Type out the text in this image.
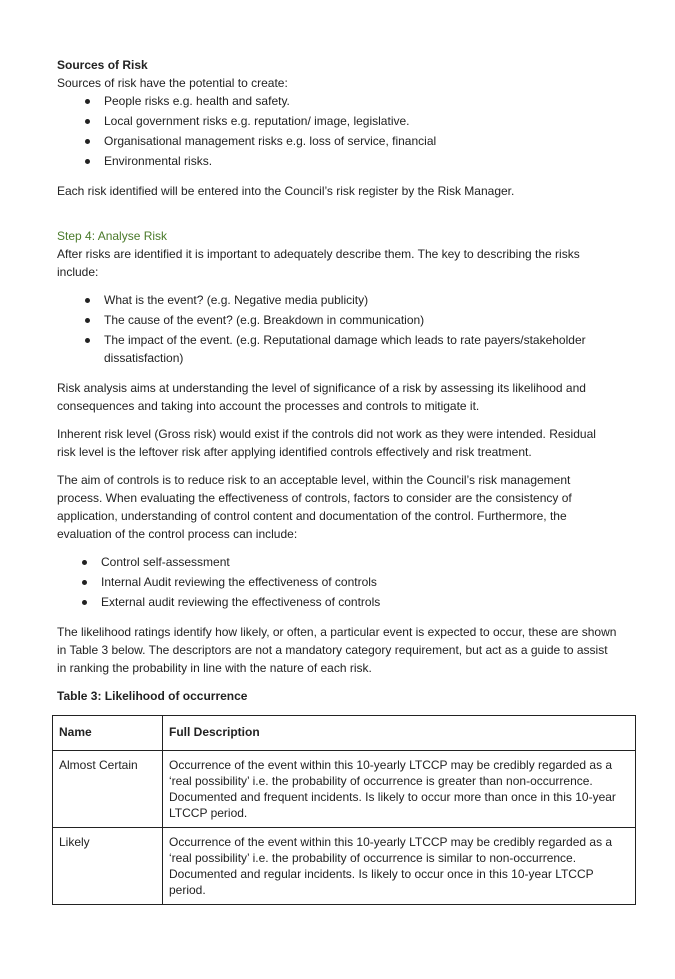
Sources of Risk

Sources of risk have the potential to create:

People risks e.g. health and safety.
Local government risks e.g. reputation/ image, legislative.
Organisational management risks e.g. loss of service, financial
Environmental risks.

Each risk identified will be entered into the Council’s risk register by the Risk Manager.

Step 4: Analyse Risk

After risks are identified it is important to adequately describe them. The key to describing the risks include:

What is the event? (e.g. Negative media publicity)
The cause of the event? (e.g. Breakdown in communication)
The impact of the event. (e.g. Reputational damage which leads to rate payers/stakeholder dissatisfaction)

Risk analysis aims at understanding the level of significance of a risk by assessing its likelihood and consequences and taking into account the processes and controls to mitigate it.

Inherent risk level (Gross risk) would exist if the controls did not work as they were intended. Residual risk level is the leftover risk after applying identified controls effectively and risk treatment.

The aim of controls is to reduce risk to an acceptable level, within the Council’s risk management process. When evaluating the effectiveness of controls, factors to consider are the consistency of application, understanding of control content and documentation of the control. Furthermore, the evaluation of the control process can include:

Control self-assessment
Internal Audit reviewing the effectiveness of controls
External audit reviewing the effectiveness of controls

The likelihood ratings identify how likely, or often, a particular event is expected to occur, these are shown in Table 3 below. The descriptors are not a mandatory category requirement, but act as a guide to assist in ranking the probability in line with the nature of each risk.

Table 3: Likelihood of occurrence

Name	Full Description
Almost Certain	Occurrence of the event within this 10-yearly LTCCP may be credibly regarded as a ‘real possibility’ i.e. the probability of occurrence is greater than non-occurrence. Documented and frequent incidents. Is likely to occur more than once in this 10-year LTCCP period.
Likely	Occurrence of the event within this 10-yearly LTCCP may be credibly regarded as a ‘real possibility’ i.e. the probability of occurrence is similar to non-occurrence. Documented and regular incidents. Is likely to occur once in this 10-year LTCCP period.
